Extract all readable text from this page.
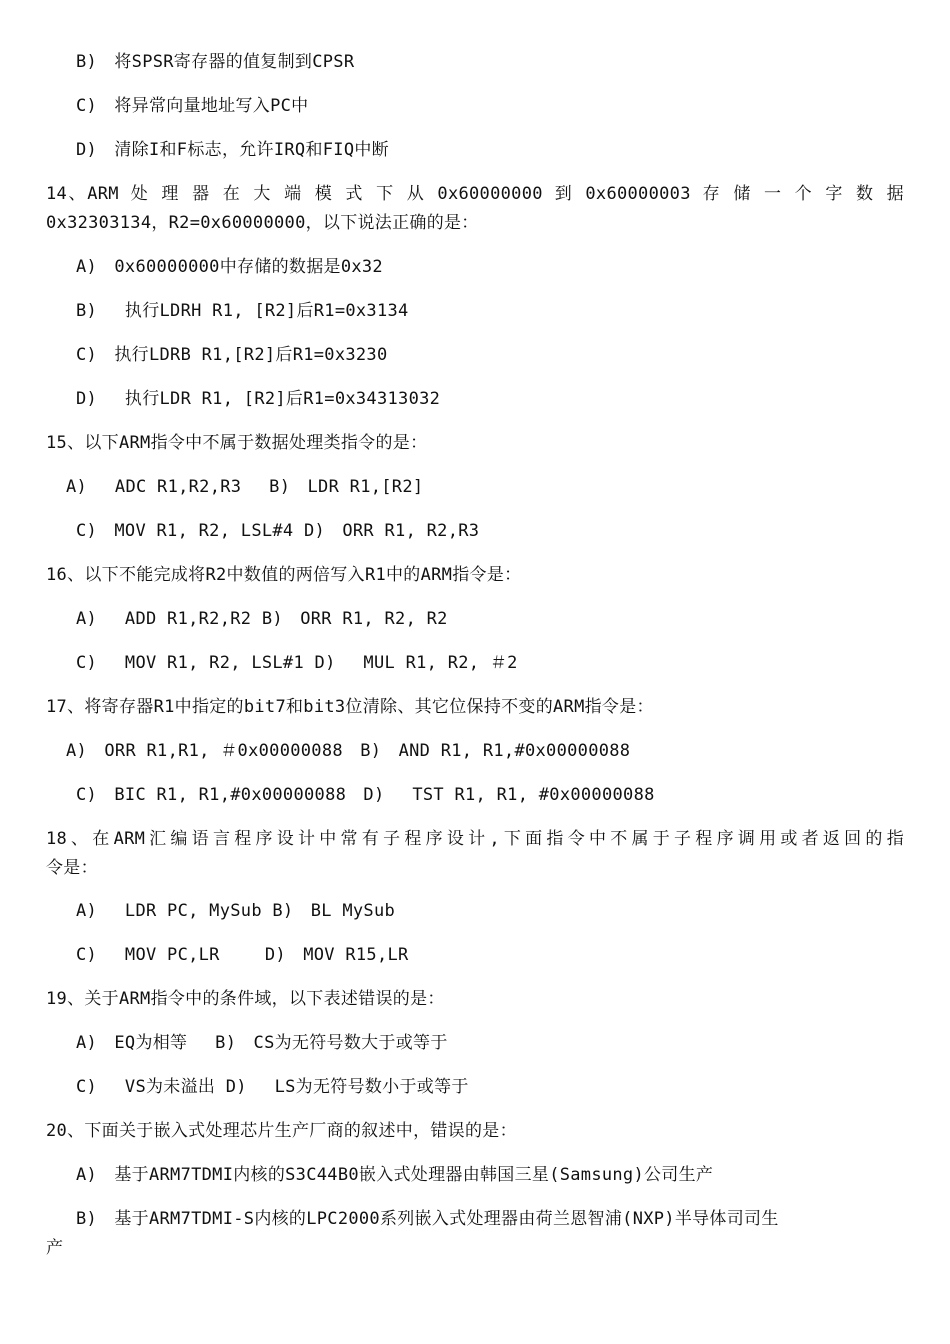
B)　将SPSR寄存器的值复制到CPSR
C)　将异常向量地址写入PC中
D)　清除I和F标志，允许IRQ和FIQ中断
14、ARM 处 理 器 在 大 端 模 式 下 从 0x60000000 到 0x60000003 存 储 一 个 字 数 据
0x32303134，R2=0x60000000，以下说法正确的是：
A)　0x60000000中存储的数据是0x32
B)　 执行LDRH R1, [R2]后R1=0x3134
C)　执行LDRB R1,[R2]后R1=0x3230
D)　 执行LDR R1, [R2]后R1=0x34313032
15、以下ARM指令中不属于数据处理类指令的是：
A)　 ADC R1,R2,R3　 B)　LDR R1,[R2]
C)　MOV R1, R2, LSL#4 D)　ORR R1, R2,R3
16、以下不能完成将R2中数值的两倍写入R1中的ARM指令是：
A)　 ADD R1,R2,R2 B)　ORR R1, R2, R2
C)　 MOV R1, R2, LSL#1 D)　 MUL R1, R2, ＃2
17、将寄存器R1中指定的bit7和bit3位清除、其它位保持不变的ARM指令是：
A)　ORR R1,R1, ＃0x00000088　B)　AND R1, R1,#0x00000088
C)　BIC R1, R1,#0x00000088　D)　 TST R1, R1, #0x00000088
18、在ARM汇编语言程序设计中常有子程序设计,下面指令中不属于子程序调用或者返回的指
令是：
A)　 LDR PC, MySub B)　BL MySub
C)　 MOV PC,LR　　 D)　MOV R15,LR
19、关于ARM指令中的条件域，以下表述错误的是：
A)　EQ为相等　 B)　CS为无符号数大于或等于
C)　 VS为未溢出 D)　 LS为无符号数小于或等于
20、下面关于嵌入式处理芯片生产厂商的叙述中，错误的是：
A)　基于ARM7TDMI内核的S3C44B0嵌入式处理器由韩国三星(Samsung)公司生产
B)　基于ARM7TDMI-S内核的LPC2000系列嵌入式处理器由荷兰恩智浦(NXP)半导体司司生
产
